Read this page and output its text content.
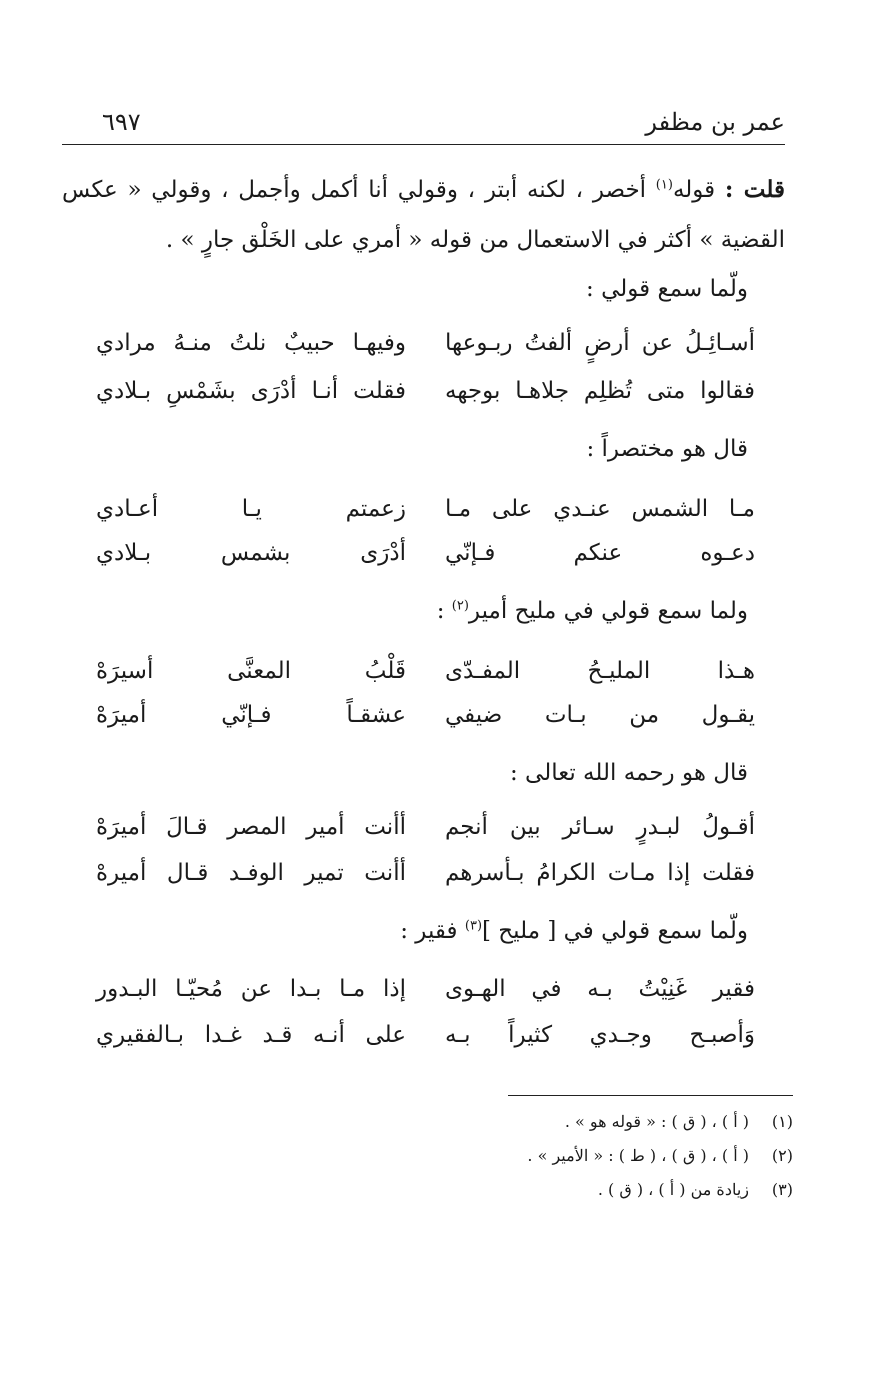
عمر بن مظفر
٦٩٧
قلت : قوله$^{(١)}$ أخصر ، لكنه أبتر ، وقولي أنا أكمل وأجمل ، وقولي « عكس القضية » أكثر في الاستعمال من قوله « أمري على الخَلْق جارٍ » .
ولّما سمع قولي :
أسـائِـلُ عن أرضٍ ألفتُ ربـوعها
وفيهـا حبيبٌ نلتُ منـهُ مرادي
فقالوا متى تُظلِم جلاهـا بوجهه
فقلت أنـا أدْرَى بشَمْسِ بـلادي
قال هو مختصراً :
مـا الشمس عنـدي على مـا
زعمتم يـا أعـادي
دعـوه عنكم فـإنّي
أدْرَى بشمس بـلادي
ولما سمع قولي في مليح أمير$^{(٢)}$ :
هـذا المليـحُ المفـدّى
قَلْبُ المعنَّى أسيرَهْ
يقـول من بـات ضيفي
عشقـاً فـإنّي أميرَهْ
قال هو رحمه الله تعالى :
أقـولُ لبـدرٍ سـائر بين أنجم
أأنت أمير المصر قـالَ أميرَهْ
فقلت إذا مـات الكرامُ بـأسرهم
أأنت تمير الوفـد قـال أميرهْ
ولّما سمع قولي في [ مليح ]$^{(٣)}$ فقير :
فقير غَنِيْتُ بـه في الهـوى
إذا مـا بـدا عن مُحيّـا البـدور
وَأصبـح وجـدي كثيراً بـه
على أنـه قـد غـدا بـالفقيري
(١)( أ ) ، ( ق ) : « قوله هو » .
(٢)( أ ) ، ( ق ) ، ( ط ) : « الأمير » .
(٣)زيادة من ( أ ) ، ( ق ) .
